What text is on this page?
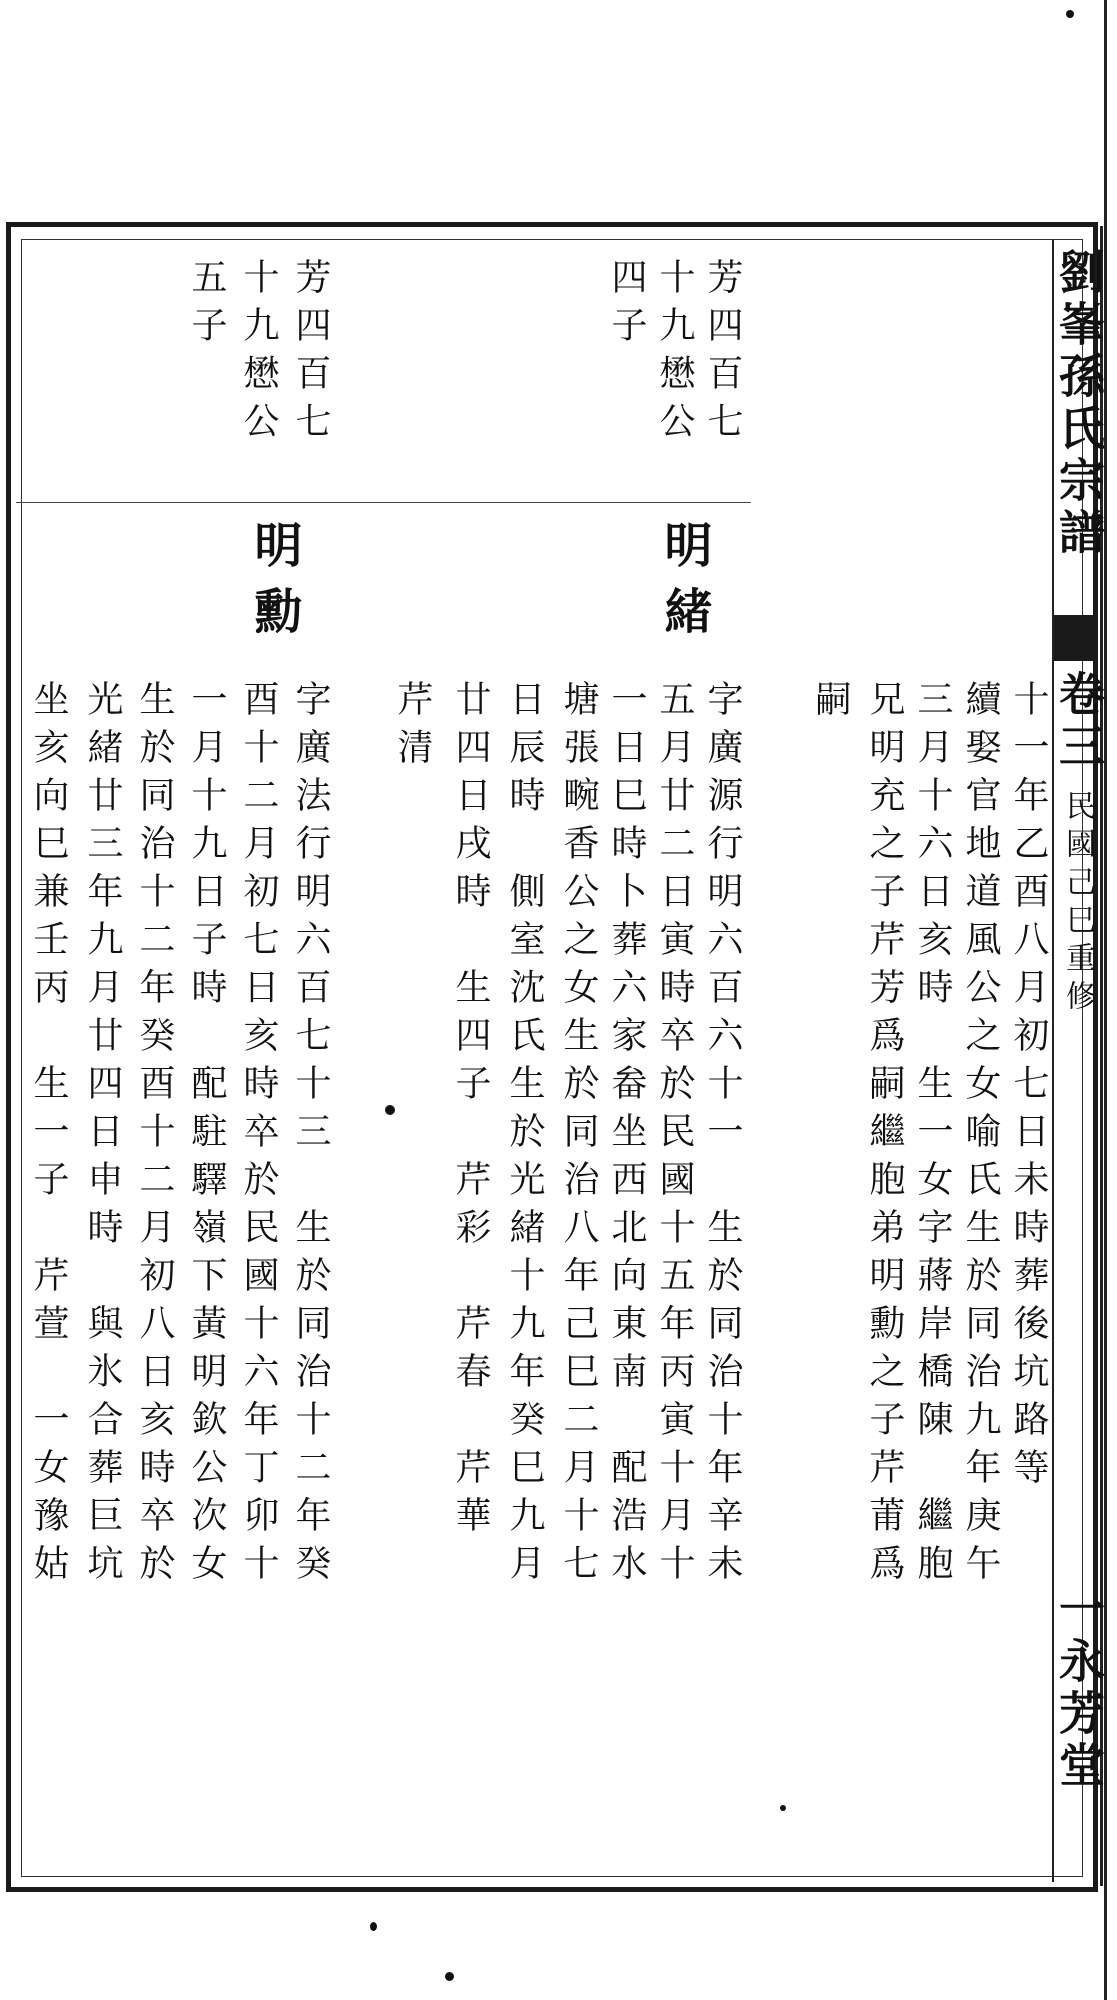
劉峯孫氏宗譜
卷三
民國己巳重修
一永芳堂
十一年乙酉八月初七日未時葬後坑路等
續娶官地道風公之女喻氏生於同治九年庚午
三月十六日亥時　生一女字蔣岸橋陳　繼胞
兄明充之子芹芳爲嗣繼胞弟明勳之子芹莆爲
嗣
芳四百七
十九懋公
四子
明緒
字廣源行明六百六十一　生於同治十年辛未
五月廿二日寅時卒於民國十五年丙寅十月十
一日巳時卜葬六家畚坐西北向東南　配浩水
塘張畹香公之女生於同治八年己巳二月十七
日辰時　側室沈氏生於光緒十九年癸巳九月
廿四日戌時　生四子　芹彩　芹春　芹華
芹清
芳四百七
十九懋公
五子
明勳
字廣法行明六百七十三　生於同治十二年癸
酉十二月初七日亥時卒於民國十六年丁卯十
一月十九日子時　配駐驛嶺下黃明欽公次女
生於同治十二年癸酉十二月初八日亥時卒於
光緒廿三年九月廿四日申時　與氷合葬巨坑
坐亥向巳兼壬丙　生一子　芹萱　一女豫姑
